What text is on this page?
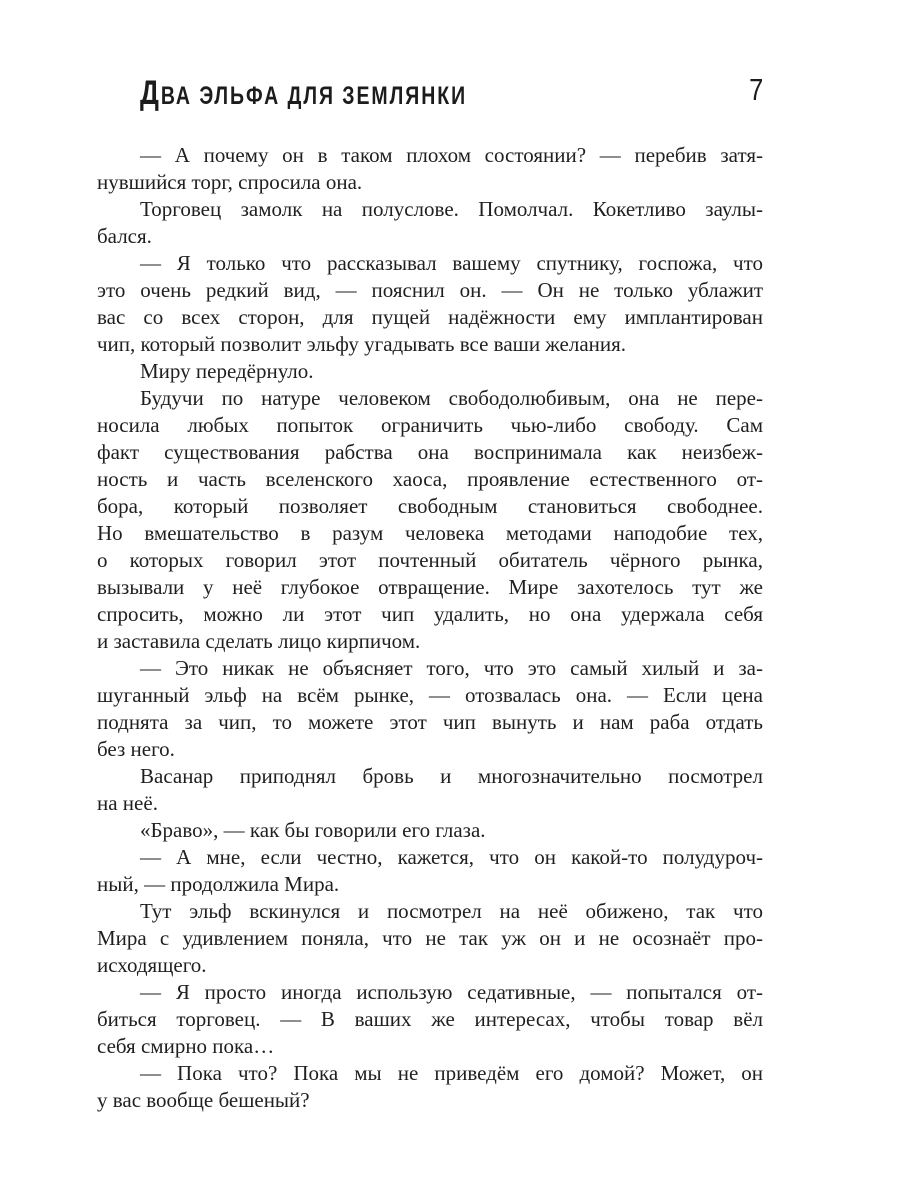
ДВА ЭЛЬФА ДЛЯ ЗЕМЛЯНКИ	7
— А почему он в таком плохом состоянии? — перебив затя-
нувшийся торг, спросила она.
Торговец замолк на полуслове. Помолчал. Кокетливо заулы-
бался.
— Я только что рассказывал вашему спутнику, госпожа, что
это очень редкий вид, — пояснил он. — Он не только ублажит
вас со всех сторон, для пущей надёжности ему имплантирован
чип, который позволит эльфу угадывать все ваши желания.
Миру передёрнуло.
Будучи по натуре человеком свободолюбивым, она не пере-
носила любых попыток ограничить чью-либо свободу. Сам
факт существования рабства она воспринимала как неизбеж-
ность и часть вселенского хаоса, проявление естественного от-
бора, который позволяет свободным становиться свободнее.
Но вмешательство в разум человека методами наподобие тех,
о которых говорил этот почтенный обитатель чёрного рынка,
вызывали у неё глубокое отвращение. Мире захотелось тут же
спросить, можно ли этот чип удалить, но она удержала себя
и заставила сделать лицо кирпичом.
— Это никак не объясняет того, что это самый хилый и за-
шуганный эльф на всём рынке, — отозвалась она. — Если цена
поднята за чип, то можете этот чип вынуть и нам раба отдать
без него.
Васанар приподнял бровь и многозначительно посмотрел
на неё.
«Браво», — как бы говорили его глаза.
— А мне, если честно, кажется, что он какой-то полудуроч-
ный, — продолжила Мира.
Тут эльф вскинулся и посмотрел на неё обижено, так что
Мира с удивлением поняла, что не так уж он и не осознаёт про-
исходящего.
— Я просто иногда использую седативные, — попытался от-
биться торговец. — В ваших же интересах, чтобы товар вёл
себя смирно пока…
— Пока что? Пока мы не приведём его домой? Может, он
у вас вообще бешеный?
